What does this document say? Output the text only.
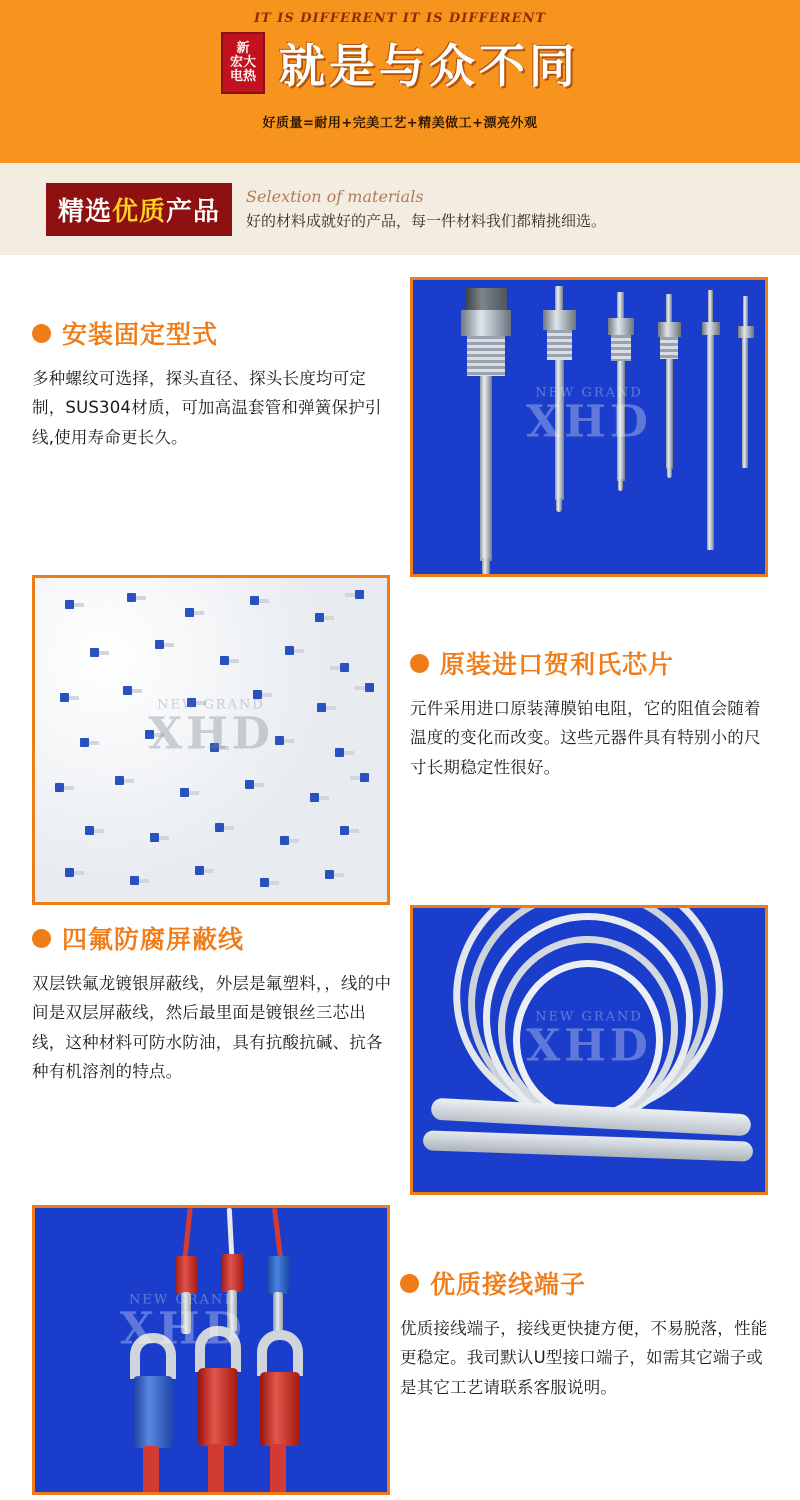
IT IS DIFFERENT IT IS DIFFERENT
新
宏大
电热 就是与众不同
好质量=耐用+完美工艺+精美做工+漂亮外观
精选优质产品	Selextion of materials
好的材料成就好的产品，每一件材料我们都精挑细选。
安装固定型式
多种螺纹可选择，探头直径、探头长度均可定制，SUS304材质，可加高温套管和弹簧保护引线,使用寿命更长久。
NEW GRAND
XHD
NEW GRAND
XHD
原装进口贺利氏芯片
元件采用进口原装薄膜铂电阻，它的阻值会随着温度的变化而改变。这些元器件具有特别小的尺寸长期稳定性很好。
四氟防腐屏蔽线
双层铁氟龙镀银屏蔽线，外层是氟塑料，，线的中间是双层屏蔽线，然后最里面是镀银丝三芯出线，这种材料可防水防油，具有抗酸抗碱、抗各种有机溶剂的特点。
NEW GRAND
XHD
NEW GRAND
XHD
优质接线端子
优质接线端子，接线更快捷方便，不易脱落，性能更稳定。我司默认U型接口端子，如需其它端子或是其它工艺请联系客服说明。
